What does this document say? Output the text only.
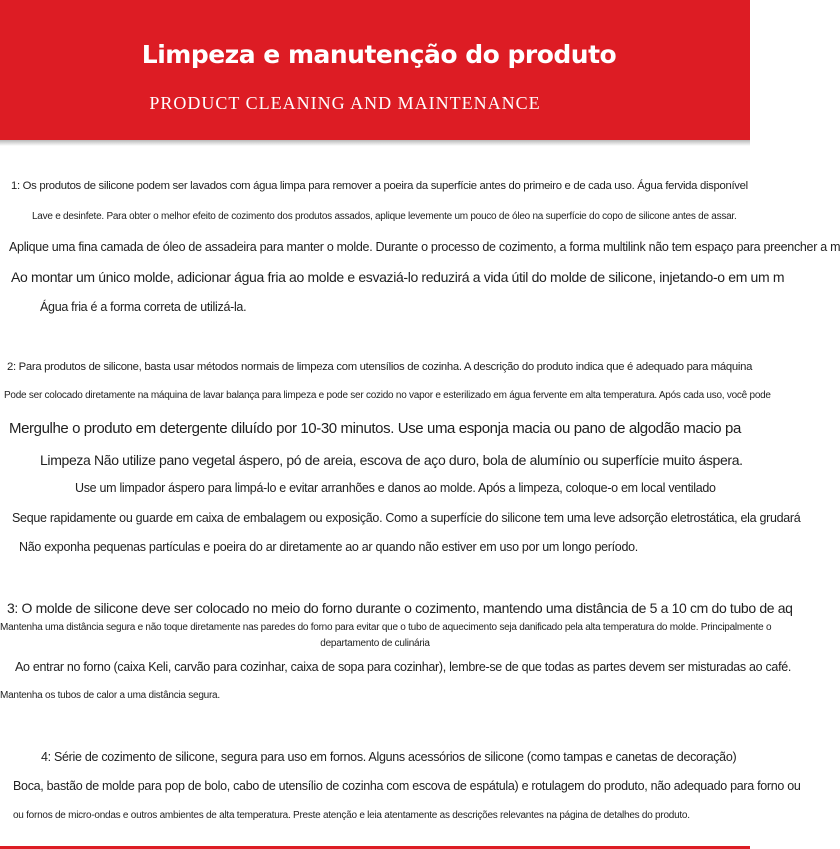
Limpeza e manutenção do produto
PRODUCT CLEANING AND MAINTENANCE
1: Os produtos de silicone podem ser lavados com água limpa para remover a poeira da superfície antes do primeiro e de cada uso. Água fervida disponível
Lave e desinfete. Para obter o melhor efeito de cozimento dos produtos assados, aplique levemente um pouco de óleo na superfície do copo de silicone antes de assar.
Aplique uma fina camada de óleo de assadeira para manter o molde. Durante o processo de cozimento, a forma multilink não tem espaço para preencher a m
Ao montar um único molde, adicionar água fria ao molde e esvaziá-lo reduzirá a vida útil do molde de silicone, injetando-o em um m
Água fria é a forma correta de utilizá-la.
2: Para produtos de silicone, basta usar métodos normais de limpeza com utensílios de cozinha. A descrição do produto indica que é adequado para máquina
Pode ser colocado diretamente na máquina de lavar balança para limpeza e pode ser cozido no vapor e esterilizado em água fervente em alta temperatura. Após cada uso, você pode
Mergulhe o produto em detergente diluído por 10-30 minutos. Use uma esponja macia ou pano de algodão macio pa
Limpeza Não utilize pano vegetal áspero, pó de areia, escova de aço duro, bola de alumínio ou superfície muito áspera.
Use um limpador áspero para limpá-lo e evitar arranhões e danos ao molde. Após a limpeza, coloque-o em local ventilado
Seque rapidamente ou guarde em caixa de embalagem ou exposição. Como a superfície do silicone tem uma leve adsorção eletrostática, ela grudará
Não exponha pequenas partículas e poeira do ar diretamente ao ar quando não estiver em uso por um longo período.
3: O molde de silicone deve ser colocado no meio do forno durante o cozimento, mantendo uma distância de 5 a 10 cm do tubo de aq
Mantenha uma distância segura e não toque diretamente nas paredes do forno para evitar que o tubo de aquecimento seja danificado pela alta temperatura do molde. Principalmente o
departamento de culinária
Ao entrar no forno (caixa Keli, carvão para cozinhar, caixa de sopa para cozinhar), lembre-se de que todas as partes devem ser misturadas ao café.
Mantenha os tubos de calor a uma distância segura.
4: Série de cozimento de silicone, segura para uso em fornos. Alguns acessórios de silicone (como tampas e canetas de decoração)
Boca, bastão de molde para pop de bolo, cabo de utensílio de cozinha com escova de espátula) e rotulagem do produto, não adequado para forno ou
ou fornos de micro-ondas e outros ambientes de alta temperatura. Preste atenção e leia atentamente as descrições relevantes na página de detalhes do produto.
